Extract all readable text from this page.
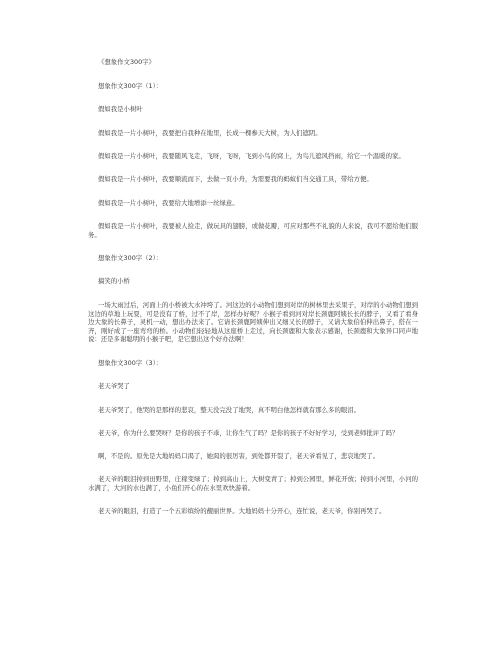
《想象作文300字》
想象作文300字（1）：
假如我是小树叶
假如我是一片小树叶，我要把自我种在地里，长成一棵参天大树，为人们遮阴。
假如我是一片小树叶，我要随风飞走，飞呀，飞呀，飞到小鸟的窝上，为鸟儿遮风挡雨，给它一个温暖的家。
假如我是一片小树叶，我要顺流而下，去做一页小舟，为需要我的蚂蚁们当交通工具，带给方便。
假如我是一片小树叶，我要给大地增添一丝绿意。
假如我是一片小树叶，我要被人捡走，做玩具的翅膀，或做花瓣，可应对那些不礼貌的人来说，我可不愿给他们服务。
想象作文300字（2）：
搞笑的小桥
一场大雨过后，河面上的小桥被大水冲垮了。河这边的小动物们想到对岸的树林里去采果子，对岸的小动物们想到这边的草地上玩耍，可是没有了桥，过不了岸，怎样办好呢？小猴子看到河对岸长颈鹿阿姨长长的脖子，又看了看身边大象的长鼻子，灵机一动，想出办法来了。它请长颈鹿阿姨伸出又细又长的脖子，又请大象伯伯伸出鼻子，搭在一齐，刚好成了一座弯弯的桥。小动物们轻轻地从这座桥上走过，向长颈鹿和大象表示感谢，长颈鹿和大象异口同声地说：还是多谢聪明的小猴子吧，是它想出这个好办法啊！
想象作文300字（3）：
老天爷哭了
老天爷哭了，他哭的是那样的悲哀，整天没完没了地哭，真不明白他怎样就有那么多的眼泪。
老天爷，你为什么要哭呀？是你的孩子不乖，让你生气了吗？是你的孩子不好好学习，受到老师批评了吗？
啊，不是的。原先是大地妈妈口渴了，她渴的很厉害，到处都开裂了，老天爷看见了，悲哀地哭了。
老天爷的眼泪掉到田野里，庄稼变绿了；掉到高山上，大树变青了；掉到公园里，鲜花开放；掉到小河里，小河的水满了，大河的水也满了，小鱼们开心的在水里欢快游着。
老天爷的眼泪，打造了一个五彩缤纷的靓丽世界。大地妈妈十分开心，连忙说，老天爷，你别再哭了。
